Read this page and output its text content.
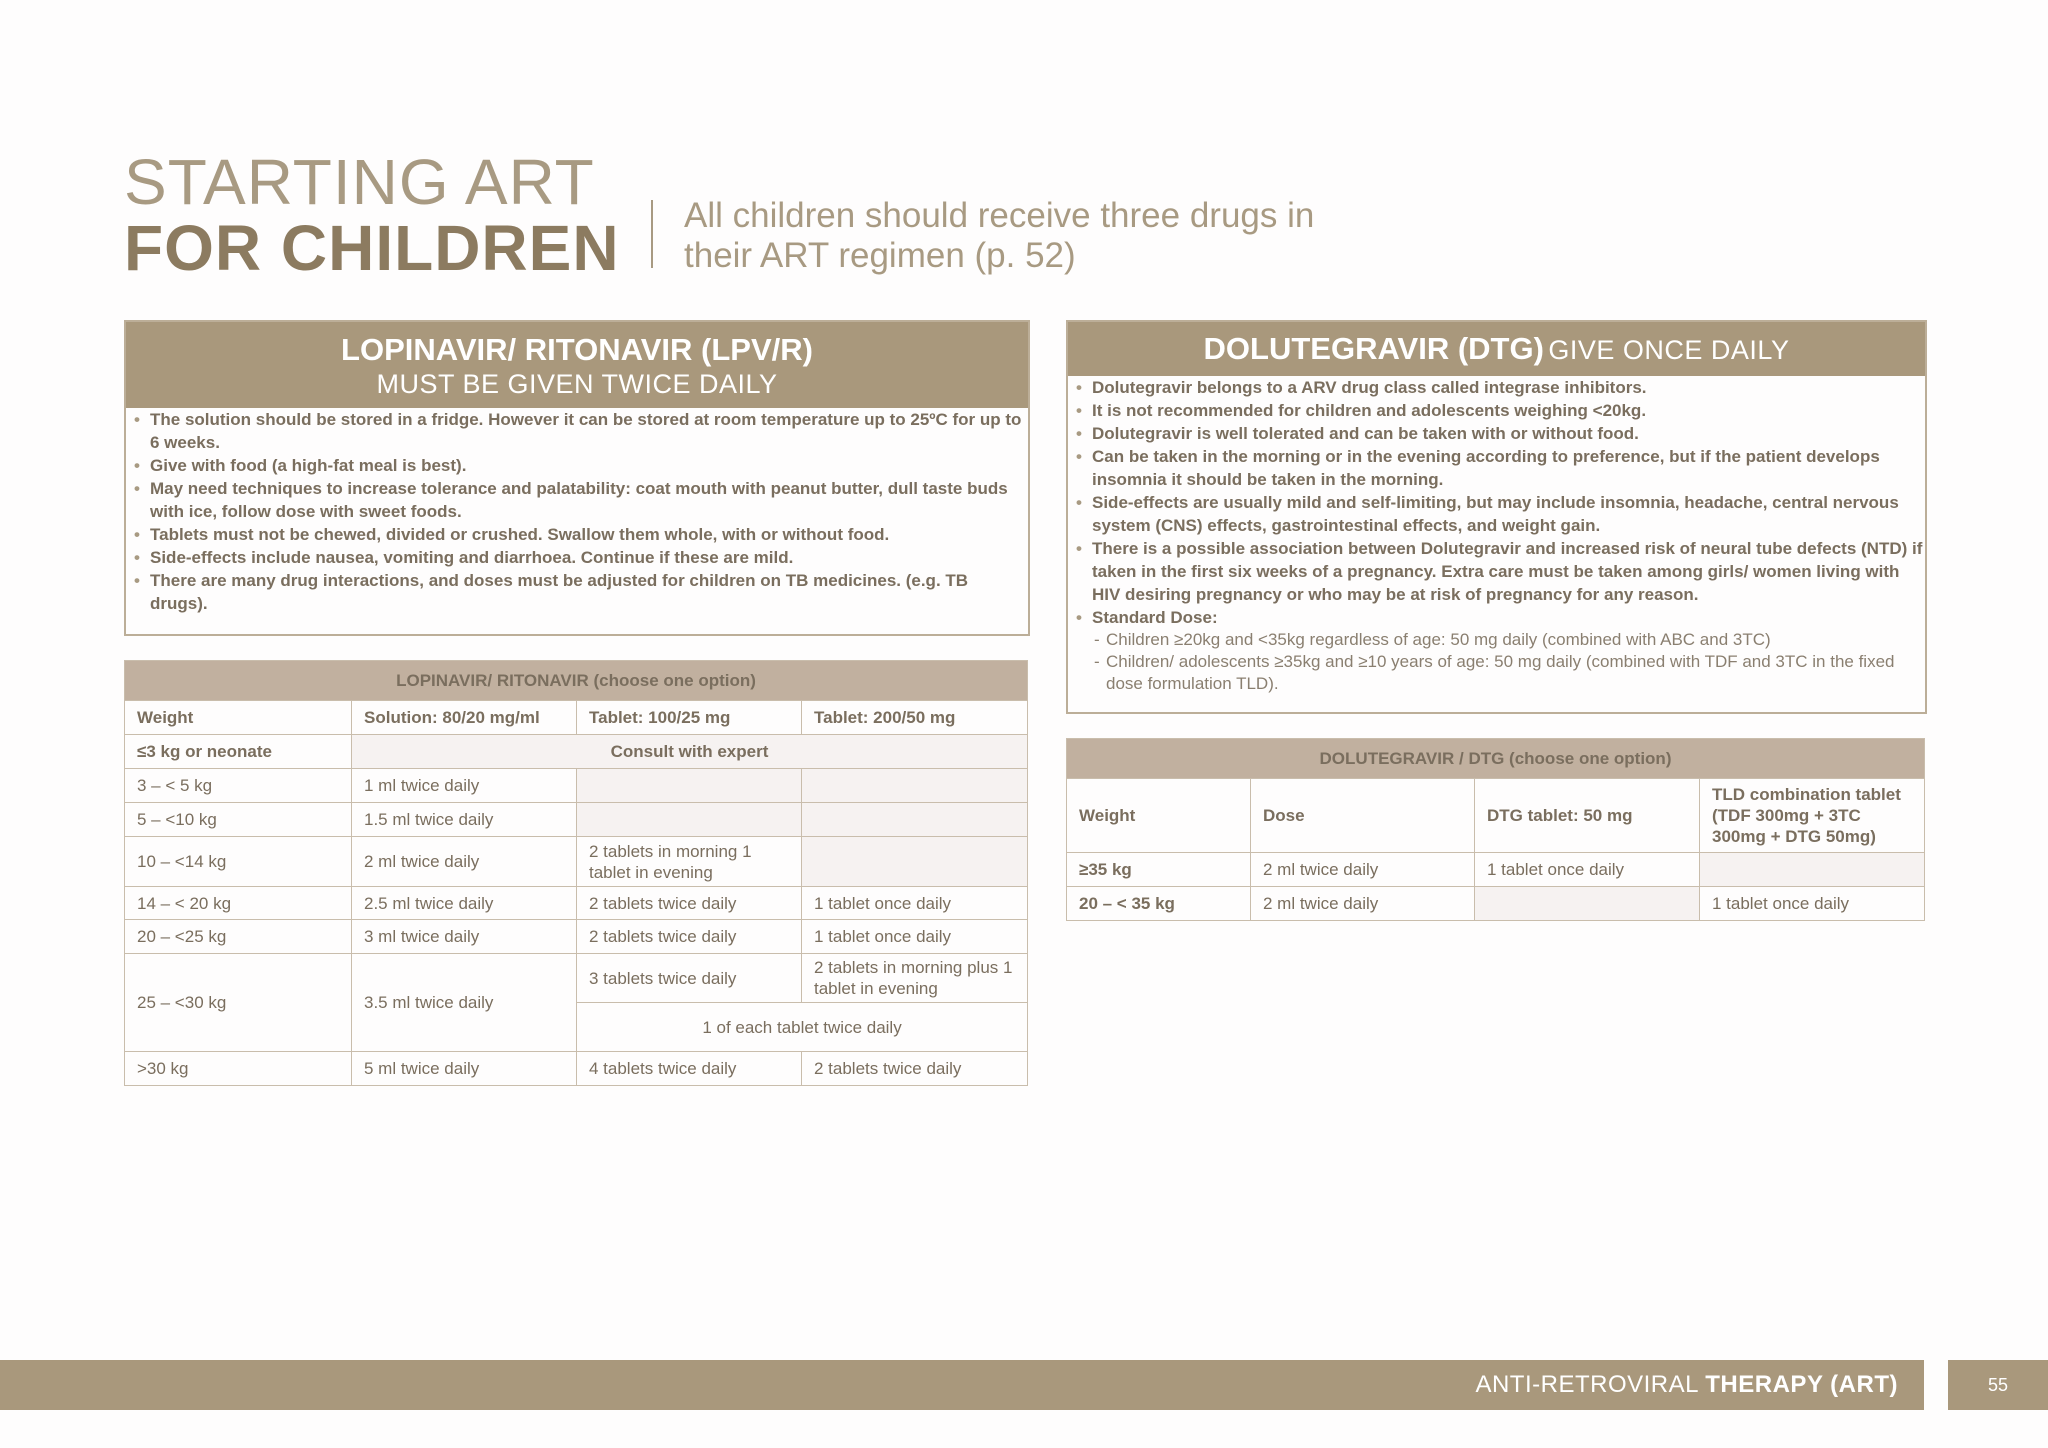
STARTING ART
FOR CHILDREN All children should receive three drugs in
their ART regimen (p. 52)
LOPINAVIR/ RITONAVIR (LPV/R)
MUST BE GIVEN TWICE DAILY
• The solution should be stored in a fridge. However it can be stored at room temperature up to 25ºC for up to 6 weeks.
• Give with food (a high-fat meal is best).
• May need techniques to increase tolerance and palatability: coat mouth with peanut butter, dull taste buds with ice, follow dose with sweet foods.
• Tablets must not be chewed, divided or crushed. Swallow them whole, with or without food.
• Side-effects include nausea, vomiting and diarrhoea. Continue if these are mild.
• There are many drug interactions, and doses must be adjusted for children on TB medicines. (e.g. TB drugs).
DOLUTEGRAVIR (DTG) GIVE ONCE DAILY
• Dolutegravir belongs to a ARV drug class called integrase inhibitors.
• It is not recommended for children and adolescents weighing <20kg.
• Dolutegravir is well tolerated and can be taken with or without food.
• Can be taken in the morning or in the evening according to preference, but if the patient develops insomnia it should be taken in the morning.
• Side-effects are usually mild and self-limiting, but may include insomnia, headache, central nervous system (CNS) effects, gastrointestinal effects, and weight gain.
• There is a possible association between Dolutegravir and increased risk of neural tube defects (NTD) if taken in the first six weeks of a pregnancy. Extra care must be taken among girls/ women living with HIV desiring pregnancy or who may be at risk of pregnancy for any reason.
• Standard Dose:
- Children ≥20kg and <35kg regardless of age: 50 mg daily (combined with ABC and 3TC)
- Children/ adolescents ≥35kg and ≥10 years of age: 50 mg daily (combined with TDF and 3TC in the fixed dose formulation TLD).
LOPINAVIR/ RITONAVIR (choose one option)			
Weight	Solution: 80/20 mg/ml	Tablet: 100/25 mg	Tablet: 200/50 mg
≤3 kg or neonate	Consult with expert		
3 – < 5 kg	1 ml twice daily		
5 – <10 kg	1.5 ml twice daily		
10 – <14 kg	2 ml twice daily	2 tablets in morning 1 tablet in evening	
14 – < 20 kg	2.5 ml twice daily	2 tablets twice daily	1 tablet once daily
20 – <25 kg	3 ml twice daily	2 tablets twice daily	1 tablet once daily
25 – <30 kg	3.5 ml twice daily	3 tablets twice daily	2 tablets in morning plus 1 tablet in evening
		1 of each tablet twice daily	
>30 kg	5 ml twice daily	4 tablets twice daily	2 tablets twice daily
DOLUTEGRAVIR / DTG (choose one option)			
Weight	Dose	DTG tablet: 50 mg	TLD combination tablet
(TDF 300mg + 3TC 300mg + DTG 50mg)

≥35 kg	2 ml twice daily	1 tablet once daily	
20 – < 35 kg	2 ml twice daily		1 tablet once daily
ANTI-RETROVIRAL THERAPY (ART)	55
